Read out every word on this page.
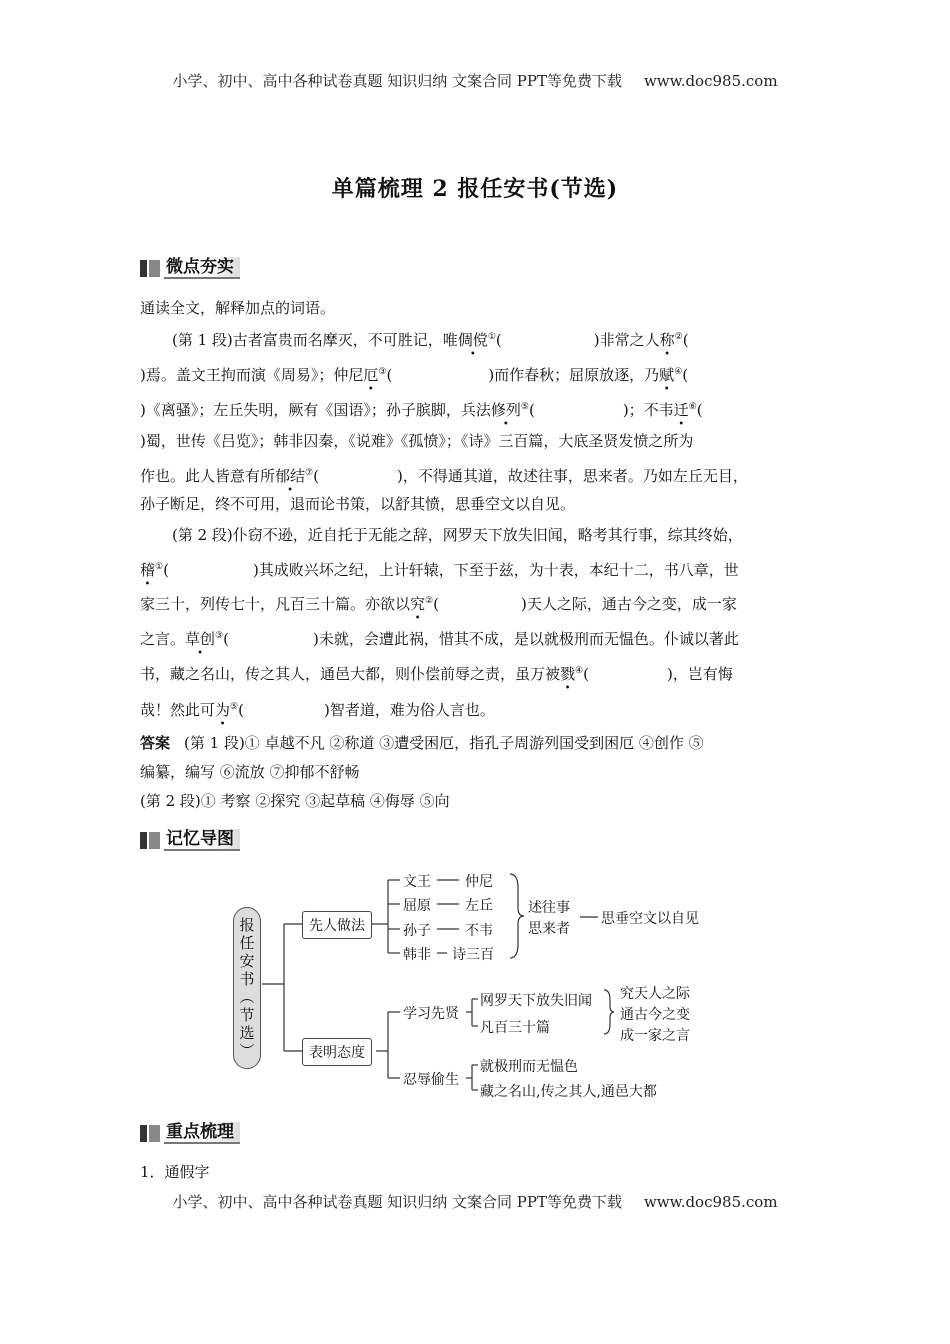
小学、初中、高中各种试卷真题 知识归纳 文案合同 PPT等免费下载 www.doc985.com
单篇梳理 2 报任安书(节选)
微点夯实
通读全文，解释加点的词语。
(第 1 段)古者富贵而名摩灭，不可胜记，唯倜傥①(	)非常之人称②(
)焉。盖文王拘而演《周易》；仲尼厄③(	)而作春秋；屈原放逐，乃赋④(
)《离骚》；左丘失明，厥有《国语》；孙子膑脚，兵法修列⑤(	)；不韦迁⑥(
)蜀，世传《吕览》；韩非囚秦，《说难》《孤愤》；《诗》三百篇，大底圣贤发愤之所为
作也。此人皆意有所郁结⑦(	)，不得通其道，故述往事，思来者。乃如左丘无目，
孙子断足，终不可用，退而论书策，以舒其愤，思垂空文以自见。
(第 2 段)仆窃不逊，近自托于无能之辞，网罗天下放失旧闻，略考其行事，综其终始，
稽①(	)其成败兴坏之纪，上计轩辕，下至于兹，为十表，本纪十二，书八章，世
家三十，列传七十，凡百三十篇。亦欲以究②(	)天人之际，通古今之变，成一家
之言。草创③(	)未就，会遭此祸，惜其不成，是以就极刑而无愠色。仆诚以著此
书，藏之名山，传之其人，通邑大都，则仆偿前辱之责，虽万被戮④(	)，岂有悔
哉！然此可为⑤(	)智者道，难为俗人言也。
答案 (第 1 段)① 卓越不凡 ②称道 ③遭受困厄，指孔子周游列国受到困厄 ④创作 ⑤
编纂，编写 ⑥流放 ⑦抑郁不舒畅
(第 2 段)① 考察 ②探究 ③起草稿 ④侮辱 ⑤向
记忆导图
报
任
安
书
︵
节
选
︶
先人做法
表明态度
文王 仲尼
屈原 左丘
孙子 不韦
韩非 诗三百
述往事
思来者
思垂空文以自见
学习先贤
网罗天下放失旧闻
凡百三十篇
究天人之际
通古今之变
成一家之言
忍辱偷生
就极刑而无愠色
藏之名山,传之其人,通邑大都
重点梳理
1．通假字
小学、初中、高中各种试卷真题 知识归纳 文案合同 PPT等免费下载 www.doc985.com
